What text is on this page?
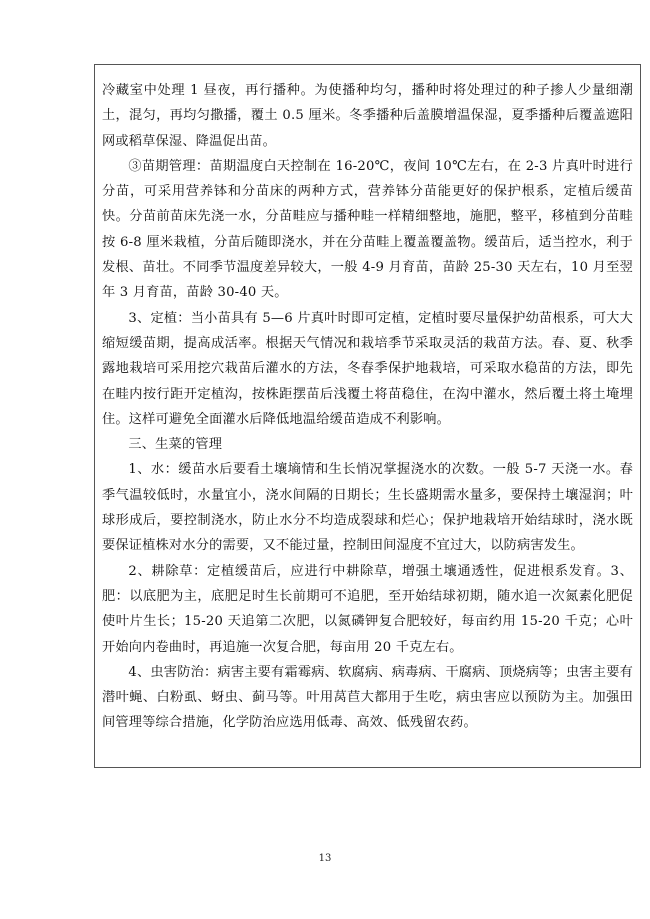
冷藏室中处理 1 昼夜，再行播种。为使播种均匀，播种时将处理过的种子掺人少量细潮土，混匀，再均匀撒播，覆土 0.5 厘米。冬季播种后盖膜增温保湿，夏季播种后覆盖遮阳网或稻草保湿、降温促出苗。

③苗期管理：苗期温度白天控制在 16-20℃，夜间 10℃左右，在 2-3 片真叶时进行分苗，可采用营养钵和分苗床的两种方式，营养钵分苗能更好的保护根系，定植后缓苗快。分苗前苗床先浇一水，分苗畦应与播种畦一样精细整地，施肥，整平，移植到分苗畦按 6-8 厘米栽植，分苗后随即浇水，并在分苗畦上覆盖覆盖物。缓苗后，适当控水，利于发根、苗壮。不同季节温度差异较大，一般 4-9 月育苗，苗龄 25-30 天左右，10 月至翌年 3 月育苗，苗龄 30-40 天。

3、定植：当小苗具有 5—6 片真叶时即可定植，定植时要尽量保护幼苗根系，可大大缩短缓苗期，提高成活率。根据天气情况和栽培季节采取灵活的栽苗方法。春、夏、秋季露地栽培可采用挖穴栽苗后灌水的方法，冬春季保护地栽培，可采取水稳苗的方法，即先在畦内按行距开定植沟，按株距摆苗后浅覆土将苗稳住，在沟中灌水，然后覆土将土埯埋住。这样可避免全面灌水后降低地温给缓苗造成不利影响。

三、生菜的管理

1、水：缓苗水后要看土壤墒情和生长悄况掌握浇水的次数。一般 5-7 天浇一水。春季气温较低时，水量宜小，浇水间隔的日期长；生长盛期需水量多，要保持土壤湿润；叶球形成后，要控制浇水，防止水分不均造成裂球和烂心；保护地栽培开始结球时，浇水既要保证植株对水分的需要，又不能过量，控制田间湿度不宜过大，以防病害发生。

2、耕除草：定植缓苗后，应进行中耕除草，增强土壤通透性，促进根系发育。3、肥：以底肥为主，底肥足时生长前期可不追肥，至开始结球初期，随水追一次氮素化肥促使叶片生长；15-20 天追第二次肥，以氮磷钾复合肥较好，每亩约用 15-20 千克；心叶开始向内卷曲时，再追施一次复合肥，每亩用 20 千克左右。

4、虫害防治：病害主要有霜霉病、软腐病、病毒病、干腐病、顶烧病等；虫害主要有潜叶蝇、白粉虱、蚜虫、蓟马等。叶用莴苣大都用于生吃，病虫害应以预防为主。加强田间管理等综合措施，化学防治应选用低毒、高效、低残留农药。

13
